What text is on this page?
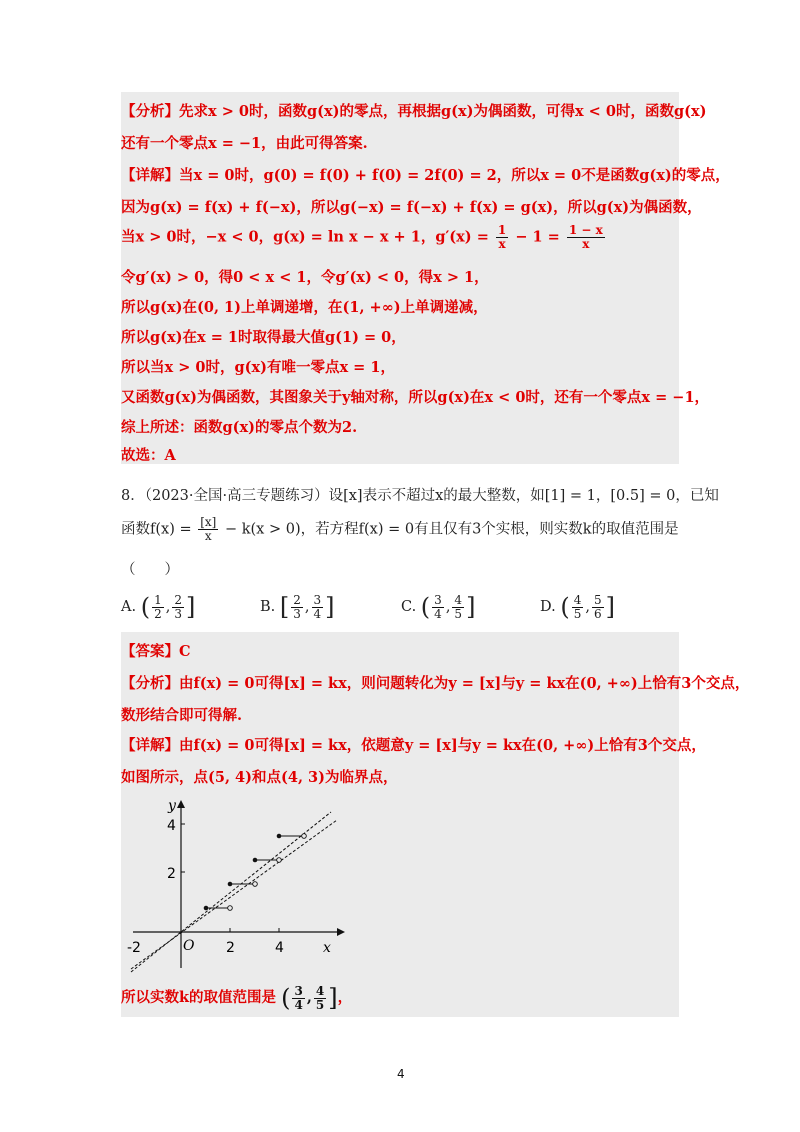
【分析】先求x > 0时，函数g(x)的零点，再根据g(x)为偶函数，可得x < 0时，函数g(x)
还有一个零点x = −1，由此可得答案.
【详解】当x = 0时，g(0) = f(0) + f(0) = 2f(0) = 2，所以x = 0不是函数g(x)的零点，
因为g(x) = f(x) + f(−x)，所以g(−x) = f(−x) + f(x) = g(x)，所以g(x)为偶函数，
当x > 0时，−x < 0，g(x) = ln x − x + 1，$g'(x) = \frac{1}{x} - 1 = \frac{1 - x}{x}$
令g′(x) > 0，得0 < x < 1，令g′(x) < 0，得x > 1，
所以g(x)在(0, 1)上单调递增，在(1, +∞)上单调递减，
所以g(x)在x = 1时取得最大值g(1) = 0，
所以当x > 0时，g(x)有唯一零点x = 1，
又函数g(x)为偶函数，其图象关于y轴对称，所以g(x)在x < 0时，还有一个零点x = −1，
综上所述：函数g(x)的零点个数为2.
故选：A
8．（2023·全国·高三专题练习）设[x]表示不超过x的最大整数，如[1] = 1，[0.5] = 0，已知
函数$f(x) = \frac{[x]}{x} - k(x > 0)$，若方程f(x) = 0有且仅有3个实根，则实数k的取值范围是
（　　）
A. ( $\frac{1}{2}$ , $\frac{2}{3}$ ]	B. [ $\frac{2}{3}$ , $\frac{3}{4}$ ]	C. ( $\frac{3}{4}$ , $\frac{4}{5}$ ]	D. ( $\frac{4}{5}$ , $\frac{5}{6}$ ]
【答案】C
【分析】由f(x) = 0可得[x] = kx，则问题转化为y = [x]与y = kx在(0, +∞)上恰有3个交点，
数形结合即可得解.
【详解】由f(x) = 0可得[x] = kx，依题意y = [x]与y = kx在(0, +∞)上恰有3个交点，
如图所示，点(5, 4)和点(4, 3)为临界点，
y
x
O
4
2
-2	2	4
所以实数k的取值范围是 ( $\frac{3}{4}$ , $\frac{4}{5}$ ]，
4
